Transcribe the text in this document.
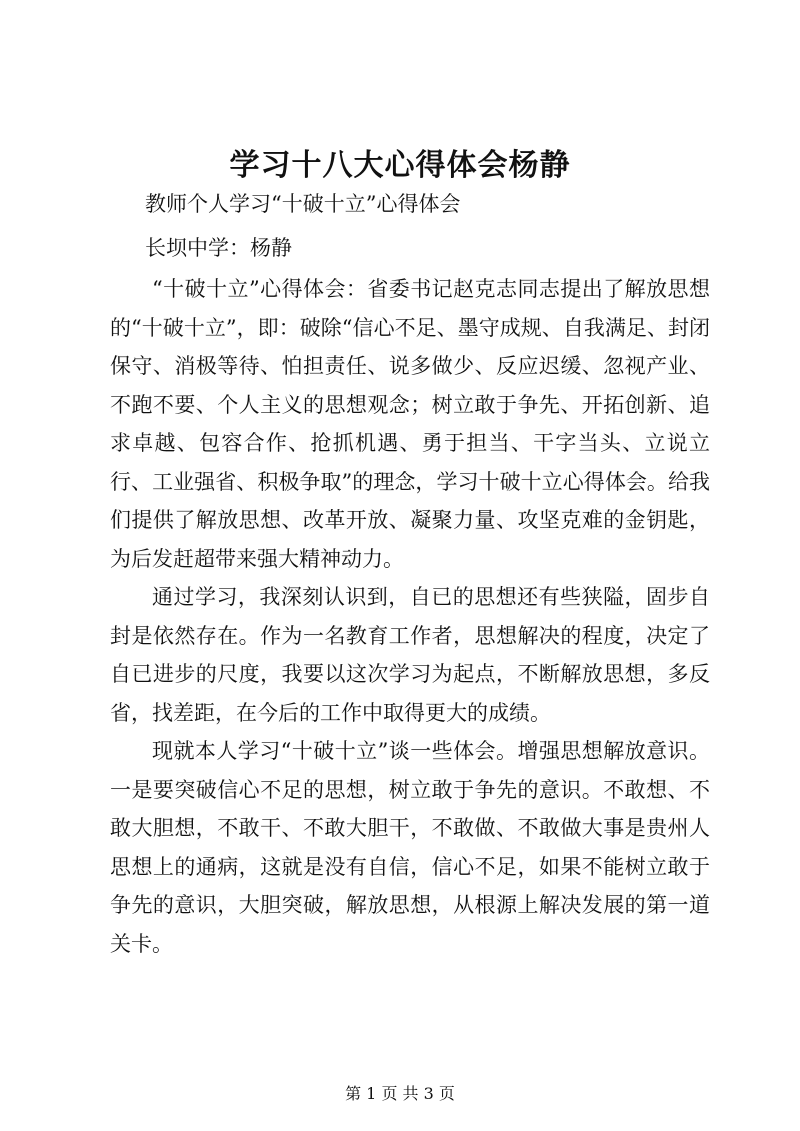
学习十八大心得体会杨静

教师个人学习“十破十立”心得体会

长坝中学：杨静

“十破十立”心得体会：省委书记赵克志同志提出了解放思想的“十破十立”，即：破除“信心不足、墨守成规、自我满足、封闭保守、消极等待、怕担责任、说多做少、反应迟缓、忽视产业、不跑不要、个人主义的思想观念；树立敢于争先、开拓创新、追求卓越、包容合作、抢抓机遇、勇于担当、干字当头、立说立行、工业强省、积极争取”的理念，学习十破十立心得体会。给我们提供了解放思想、改革开放、凝聚力量、攻坚克难的金钥匙，为后发赶超带来强大精神动力。

通过学习，我深刻认识到，自已的思想还有些狭隘，固步自封是依然存在。作为一名教育工作者，思想解决的程度，决定了自已进步的尺度，我要以这次学习为起点，不断解放思想，多反省，找差距，在今后的工作中取得更大的成绩。

现就本人学习“十破十立”谈一些体会。增强思想解放意识。一是要突破信心不足的思想，树立敢于争先的意识。不敢想、不敢大胆想，不敢干、不敢大胆干，不敢做、不敢做大事是贵州人思想上的通病，这就是没有自信，信心不足，如果不能树立敢于争先的意识，大胆突破，解放思想，从根源上解决发展的第一道关卡。

第 1 页 共 3 页
